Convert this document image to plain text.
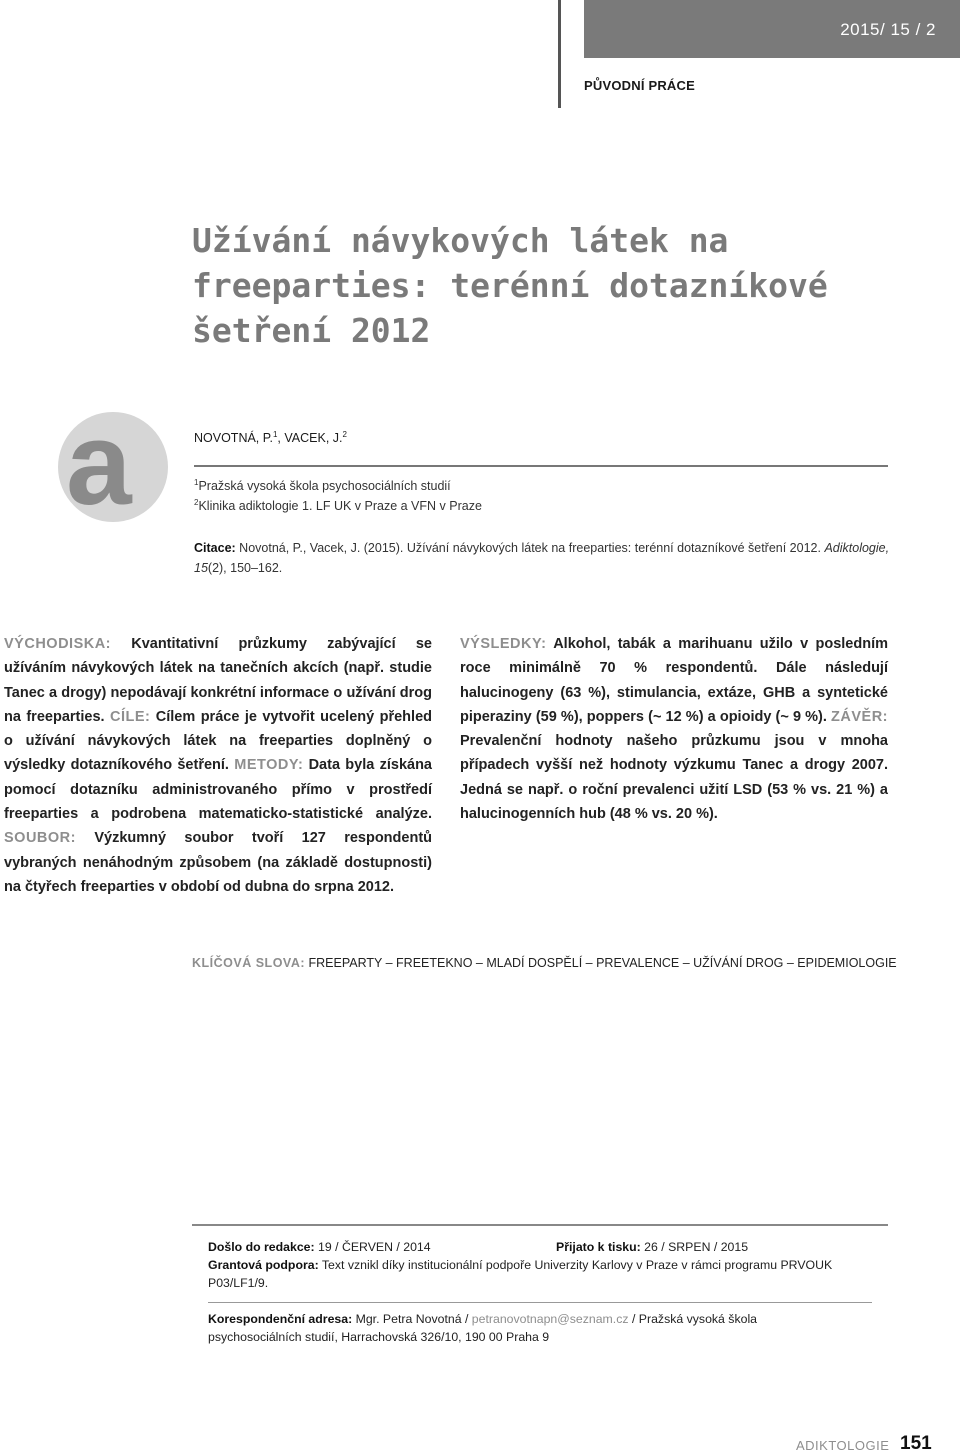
2015/ 15 / 2
PŮVODNÍ PRÁCE
Užívání návykových látek na freeparties: terénní dotazníkové šetření 2012
a	NOVOTNÁ, P.$^1$, VACEK, J.$^2$
$^1$Pražská vysoká škola psychosociálních studií
$^2$Klinika adiktologie 1. LF UK v Praze a VFN v Praze
Citace: Novotná, P., Vacek, J. (2015). Užívání návykových látek na freeparties: terénní dotazníkové šetření 2012. Adiktologie, 15(2), 150–162.
VÝCHODISKA: Kvantitativní průzkumy zabývající se užíváním návykových látek na tanečních akcích (např. studie Tanec a drogy) nepodávají konkrétní informace o užívání drog na freeparties. CÍLE: Cílem práce je vytvořit ucelený přehled o užívání návykových látek na freeparties doplněný o výsledky dotazníkového šetření. METODY: Data byla získána pomocí dotazníku administrovaného přímo v prostředí freeparties a podrobena matematicko-statistické analýze. SOUBOR: Výzkumný soubor tvoří 127 respondentů vybraných nenáhodným způsobem (na základě dostupnosti) na čtyřech freeparties v období od dubna do srpna 2012.
VÝSLEDKY: Alkohol, tabák a marihuanu užilo v posledním roce minimálně 70 % respondentů. Dále následují halucinogeny (63 %), stimulancia, extáze, GHB a syntetické piperaziny (59 %), poppers (~ 12 %) a opioidy (~ 9 %). ZÁVĚR: Prevalenční hodnoty našeho průzkumu jsou v mnoha případech vyšší než hodnoty výzkumu Tanec a drogy 2007. Jedná se např. o roční prevalenci užití LSD (53 % vs. 21 %) a halucinogenních hub (48 % vs. 20 %).
KLÍČOVÁ SLOVA: FREEPARTY – FREETEKNO – MLADÍ DOSPĚLÍ – PREVALENCE – UŽÍVÁNÍ DROG – EPIDEMIOLOGIE
Došlo do redakce: 19 / ČERVEN / 2014	Přijato k tisku: 26 / SRPEN / 2015
Grantová podpora: Text vznikl díky institucionální podpoře Univerzity Karlovy v Praze v rámci programu PRVOUK P03/LF1/9.
Korespondenční adresa: Mgr. Petra Novotná / petranovotnapn@seznam.cz / Pražská vysoká škola psychosociálních studií, Harrachovská 326/10, 190 00 Praha 9
ADIKTOLOGIE 151
